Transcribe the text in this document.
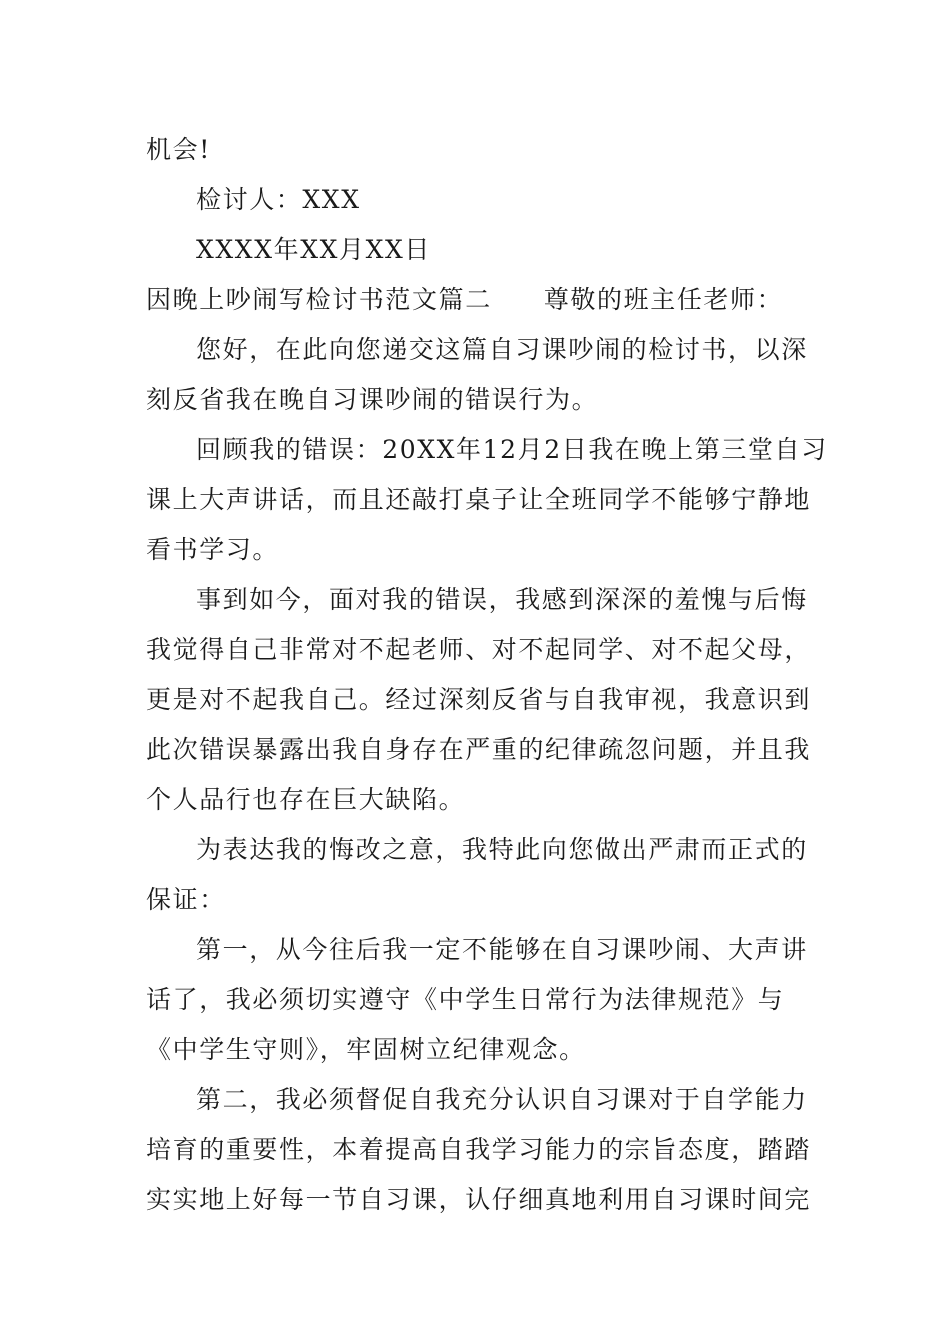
机会!
检讨人：XXX
XXXX年XX月XX日
因晚上吵闹写检讨书范文篇二 尊敬的班主任老师：
您好，在此向您递交这篇自习课吵闹的检讨书，以深
刻反省我在晚自习课吵闹的错误行为。
回顾我的错误：20XX年12月2日我在晚上第三堂自习
课上大声讲话，而且还敲打桌子让全班同学不能够宁静地
看书学习。
事到如今，面对我的错误，我感到深深的羞愧与后悔
我觉得自己非常对不起老师、对不起同学、对不起父母，
更是对不起我自己。经过深刻反省与自我审视，我意识到
此次错误暴露出我自身存在严重的纪律疏忽问题，并且我
个人品行也存在巨大缺陷。
为表达我的悔改之意，我特此向您做出严肃而正式的
保证：
第一，从今往后我一定不能够在自习课吵闹、大声讲
话了，我必须切实遵守《中学生日常行为法律规范》与
《中学生守则》，牢固树立纪律观念。
第二，我必须督促自我充分认识自习课对于自学能力
培育的重要性，本着提高自我学习能力的宗旨态度，踏踏
实实地上好每一节自习课，认仔细真地利用自习课时间完
